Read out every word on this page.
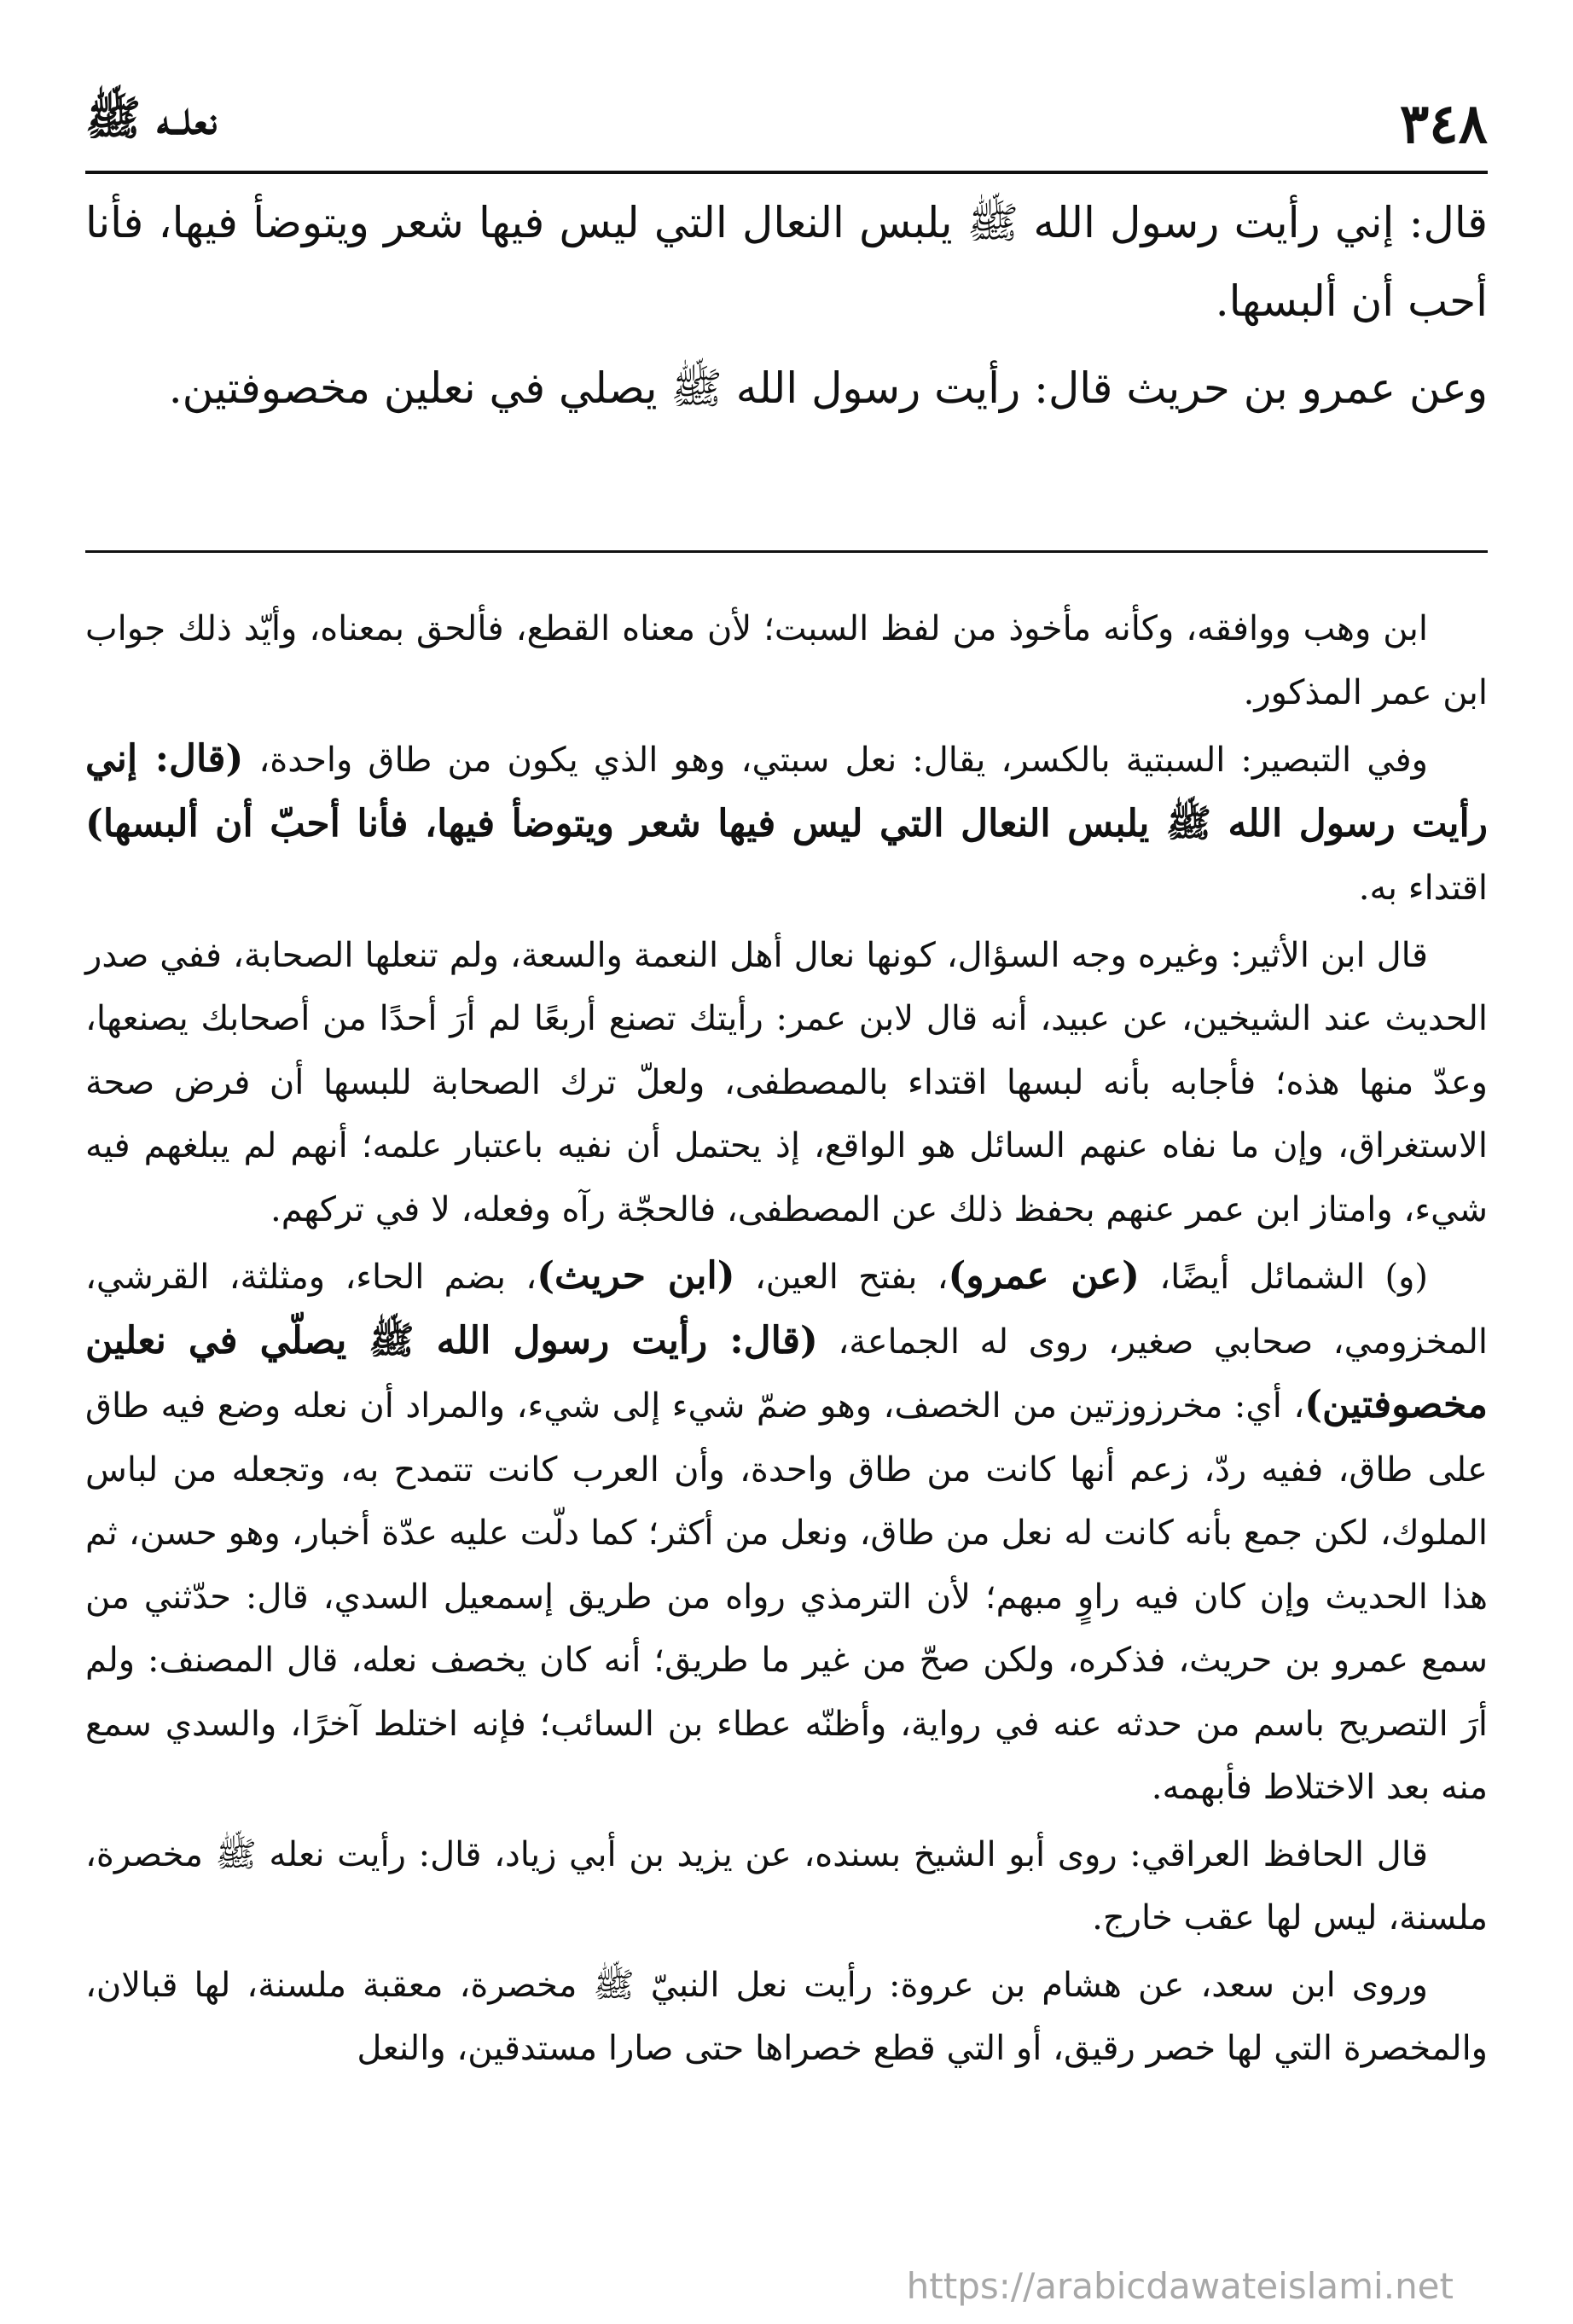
٣٤٨
نعلــه ﷺ

قال: إني رأيت رسول الله ﷺ يلبس النعال التي ليس فيها شعر ويتوضأ فيها، فأنا أحب أن ألبسها.

وعن عمرو بن حريث قال: رأيت رسول الله ﷺ يصلي في نعلين مخصوفتين.

ابن وهب ووافقه، وكأنه مأخوذ من لفظ السبت؛ لأن معناه القطع، فألحق بمعناه، وأيّد ذلك جواب ابن عمر المذكور.

وفي التبصير: السبتية بالكسر، يقال: نعل سبتي، وهو الذي يكون من طاق واحدة، (قال: إني رأيت رسول الله ﷺ يلبس النعال التي ليس فيها شعر ويتوضأ فيها، فأنا أحبّ أن ألبسها) اقتداء به.

قال ابن الأثير: وغيره وجه السؤال، كونها نعال أهل النعمة والسعة، ولم تنعلها الصحابة، ففي صدر الحديث عند الشيخين، عن عبيد، أنه قال لابن عمر: رأيتك تصنع أربعًا لم أرَ أحدًا من أصحابك يصنعها، وعدّ منها هذه؛ فأجابه بأنه لبسها اقتداء بالمصطفى، ولعلّ ترك الصحابة للبسها أن فرض صحة الاستغراق، وإن ما نفاه عنهم السائل هو الواقع، إذ يحتمل أن نفيه باعتبار علمه؛ أنهم لم يبلغهم فيه شيء، وامتاز ابن عمر عنهم بحفظ ذلك عن المصطفى، فالحجّة رآه وفعله، لا في تركهم.

(و) الشمائل أيضًا، (عن عمرو)، بفتح العين، (ابن حريث)، بضم الحاء، ومثلثة، القرشي، المخزومي، صحابي صغير، روى له الجماعة، (قال: رأيت رسول الله ﷺ يصلّي في نعلين مخصوفتين)، أي: مخرزوزتين من الخصف، وهو ضمّ شيء إلى شيء، والمراد أن نعله وضع فيه طاق على طاق، ففيه ردّ، زعم أنها كانت من طاق واحدة، وأن العرب كانت تتمدح به، وتجعله من لباس الملوك، لكن جمع بأنه كانت له نعل من طاق، ونعل من أكثر؛ كما دلّت عليه عدّة أخبار، وهو حسن، ثم هذا الحديث وإن كان فيه راوٍ مبهم؛ لأن الترمذي رواه من طريق إسمعيل السدي، قال: حدّثني من سمع عمرو بن حريث، فذكره، ولكن صحّ من غير ما طريق؛ أنه كان يخصف نعله، قال المصنف: ولم أرَ التصريح باسم من حدثه عنه في رواية، وأظنّه عطاء بن السائب؛ فإنه اختلط آخرًا، والسدي سمع منه بعد الاختلاط فأبهمه.

قال الحافظ العراقي: روى أبو الشيخ بسنده، عن يزيد بن أبي زياد، قال: رأيت نعله ﷺ مخصرة، ملسنة، ليس لها عقب خارج.

وروى ابن سعد، عن هشام بن عروة: رأيت نعل النبيّ ﷺ مخصرة، معقبة ملسنة، لها قبالان، والمخصرة التي لها خصر رقيق، أو التي قطع خصراها حتى صارا مستدقين، والنعل

https://arabicdawateislami.net
